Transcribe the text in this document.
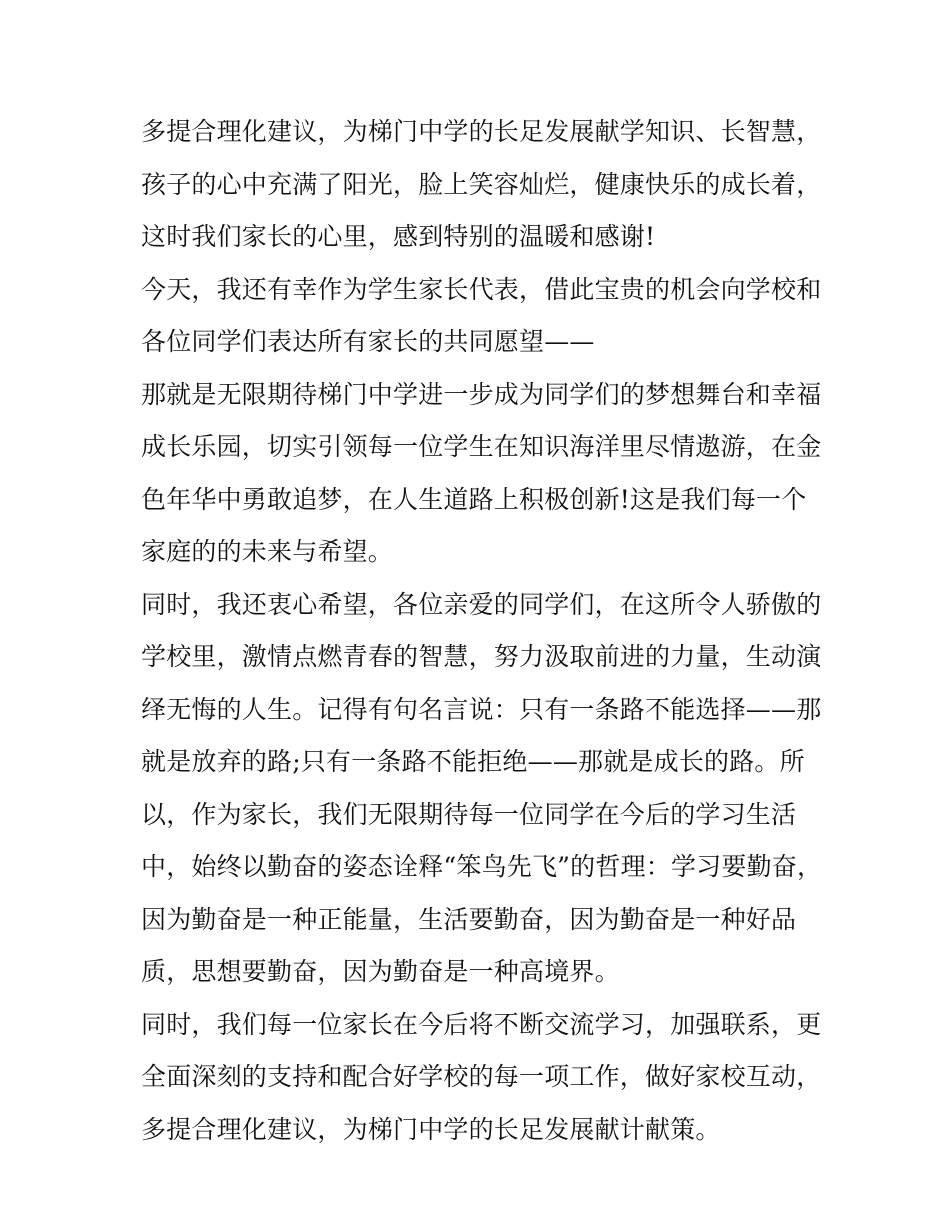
多提合理化建议，为梯门中学的长足发展献学知识、长智慧，
孩子的心中充满了阳光，脸上笑容灿烂，健康快乐的成长着，
这时我们家长的心里，感到特别的温暖和感谢!
今天，我还有幸作为学生家长代表，借此宝贵的机会向学校和
各位同学们表达所有家长的共同愿望——
那就是无限期待梯门中学进一步成为同学们的梦想舞台和幸福
成长乐园，切实引领每一位学生在知识海洋里尽情遨游，在金
色年华中勇敢追梦，在人生道路上积极创新!这是我们每一个
家庭的的未来与希望。
同时，我还衷心希望，各位亲爱的同学们，在这所令人骄傲的
学校里，激情点燃青春的智慧，努力汲取前进的力量，生动演
绎无悔的人生。记得有句名言说：只有一条路不能选择——那
就是放弃的路;只有一条路不能拒绝——那就是成长的路。所
以，作为家长，我们无限期待每一位同学在今后的学习生活
中，始终以勤奋的姿态诠释“笨鸟先飞”的哲理：学习要勤奋，
因为勤奋是一种正能量，生活要勤奋，因为勤奋是一种好品
质，思想要勤奋，因为勤奋是一种高境界。
同时，我们每一位家长在今后将不断交流学习，加强联系，更
全面深刻的支持和配合好学校的每一项工作，做好家校互动，
多提合理化建议，为梯门中学的长足发展献计献策。
